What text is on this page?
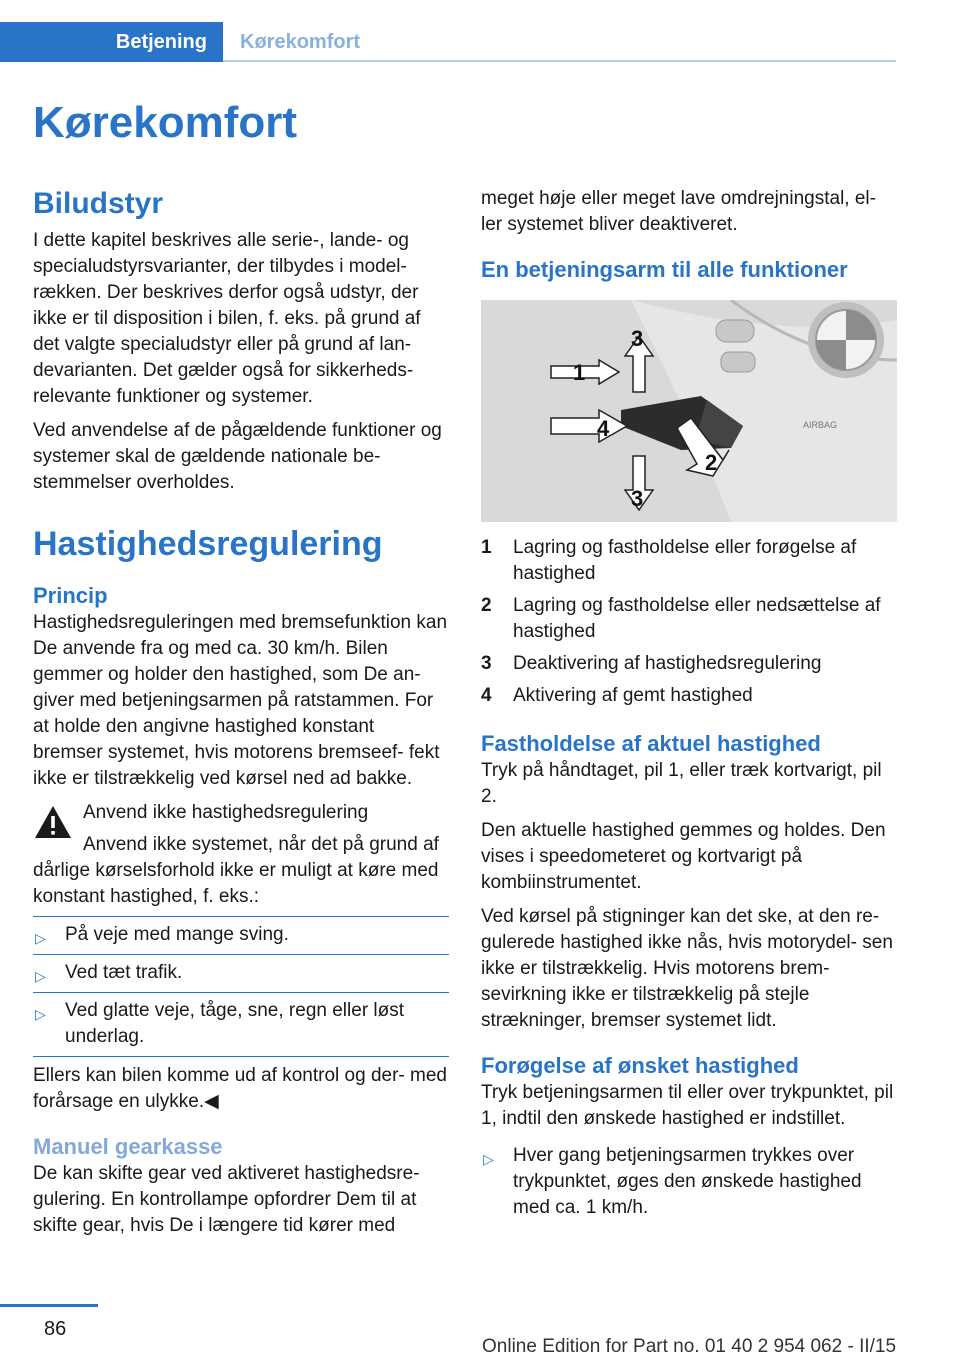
Betjening	Kørekomfort
Kørekomfort
Biludstyr

I dette kapitel beskrives alle serie-, lande- og specialudstyrsvarianter, der tilbydes i model- rækken. Der beskrives derfor også udstyr, der ikke er til disposition i bilen, f. eks. på grund af det valgte specialudstyr eller på grund af lan- devarianten. Det gælder også for sikkerheds- relevante funktioner og systemer.

Ved anvendelse af de pågældende funktioner og systemer skal de gældende nationale be- stemmelser overholdes.

Hastighedsregulering
Princip

Hastighedsreguleringen med bremsefunktion kan De anvende fra og med ca. 30 km/h. Bilen gemmer og holder den hastighed, som De an- giver med betjeningsarmen på ratstammen. For at holde den angivne hastighed konstant bremser systemet, hvis motorens bremseef- fekt ikke er tilstrækkelig ved kørsel ned ad bakke.

Anvend ikke hastighedsregulering
Anvend ikke systemet, når det på grund af dårlige kørselsforhold ikke er muligt at køre med konstant hastighed, f. eks.:
▷ På veje med mange sving.
▷ Ved tæt trafik.
▷ Ved glatte veje, tåge, sne, regn eller løst underlag.

Ellers kan bilen komme ud af kontrol og der- med forårsage en ulykke.◀

Manuel gearkasse

De kan skifte gear ved aktiveret hastighedsre- gulering. En kontrollampe opfordrer Dem til at skifte gear, hvis De i længere tid kører med

meget høje eller meget lave omdrejningstal, el- ler systemet bliver deaktiveret.

En betjeningsarm til alle funktioner
AIRBAG
1
2
3
3
4
1	Lagring og fastholdelse eller forøgelse af hastighed
2	Lagring og fastholdelse eller nedsættelse af hastighed
3	Deaktivering af hastighedsregulering
4	Aktivering af gemt hastighed
Fastholdelse af aktuel hastighed

Tryk på håndtaget, pil 1, eller træk kortvarigt, pil 2.

Den aktuelle hastighed gemmes og holdes. Den vises i speedometeret og kortvarigt på kombiinstrumentet.

Ved kørsel på stigninger kan det ske, at den re- gulerede hastighed ikke nås, hvis motorydel- sen ikke er tilstrækkelig. Hvis motorens brem- sevirkning ikke er tilstrækkelig på stejle strækninger, bremser systemet lidt.

Forøgelse af ønsket hastighed

Tryk betjeningsarmen til eller over trykpunktet, pil 1, indtil den ønskede hastighed er indstillet.

▷ Hver gang betjeningsarmen trykkes over trykpunktet, øges den ønskede hastighed med ca. 1 km/h.
86
Online Edition for Part no. 01 40 2 954 062 - II/15
